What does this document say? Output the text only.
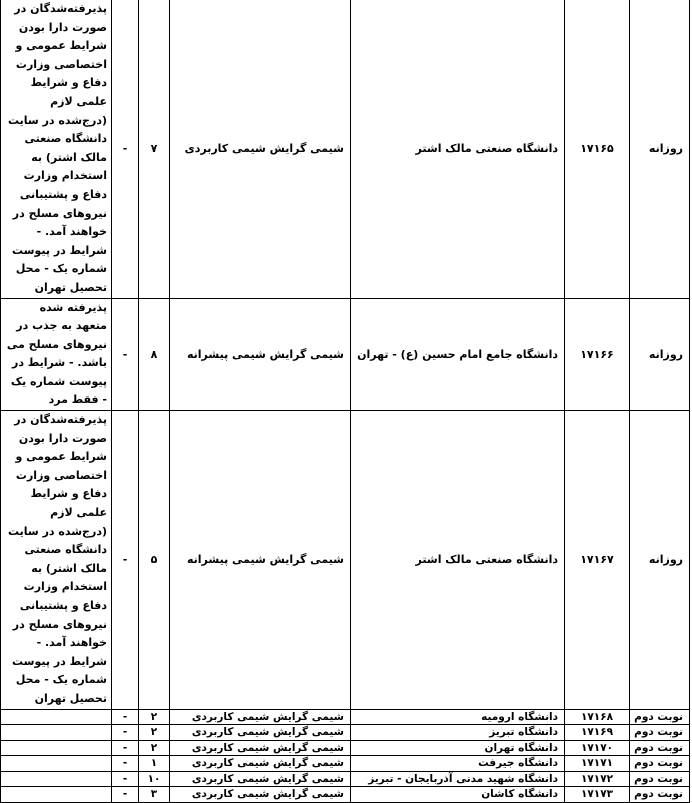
پذیرفته‌شدگان در صورت دارا بودن شرایط عمومی و اختصاصی وزارت دفاع و شرایط علمی لازم (درج‌شده در سایت دانشگاه صنعتی مالک اشتر) به استخدام وزارت دفاع و پشتیبانی نیروهای مسلح در خواهند آمد. - شرایط در پیوست شماره یک - محل تحصیل تهران	-	۷	شیمی گرایش شیمی کاربردی	دانشگاه صنعتی مالک اشتر	۱۷۱۶۵	روزانه
پذیرفته شده متعهد به جذب در نیروهای مسلح می باشد. - شرایط در پیوست شماره یک - فقط مرد	-	۸	شیمی گرایش شیمی پیشرانه	دانشگاه جامع امام حسین (ع) - تهران	۱۷۱۶۶	روزانه
پذیرفته‌شدگان در صورت دارا بودن شرایط عمومی و اختصاصی وزارت دفاع و شرایط علمی لازم (درج‌شده در سایت دانشگاه صنعتی مالک اشتر) به استخدام وزارت دفاع و پشتیبانی نیروهای مسلح در خواهند آمد. - شرایط در پیوست شماره یک - محل تحصیل تهران	-	۵	شیمی گرایش شیمی پیشرانه	دانشگاه صنعتی مالک اشتر	۱۷۱۶۷	روزانه
	-	۲	شیمی گرایش شیمی کاربردی	دانشگاه ارومیه	۱۷۱۶۸	نوبت دوم
	-	۲	شیمی گرایش شیمی کاربردی	دانشگاه تبریز	۱۷۱۶۹	نوبت دوم
	-	۲	شیمی گرایش شیمی کاربردی	دانشگاه تهران	۱۷۱۷۰	نوبت دوم
	-	۱	شیمی گرایش شیمی کاربردی	دانشگاه جیرفت	۱۷۱۷۱	نوبت دوم
	-	۱۰	شیمی گرایش شیمی کاربردی	دانشگاه شهید مدنی آذربایجان - تبریز	۱۷۱۷۲	نوبت دوم
	-	۳	شیمی گرایش شیمی کاربردی	دانشگاه کاشان	۱۷۱۷۳	نوبت دوم
